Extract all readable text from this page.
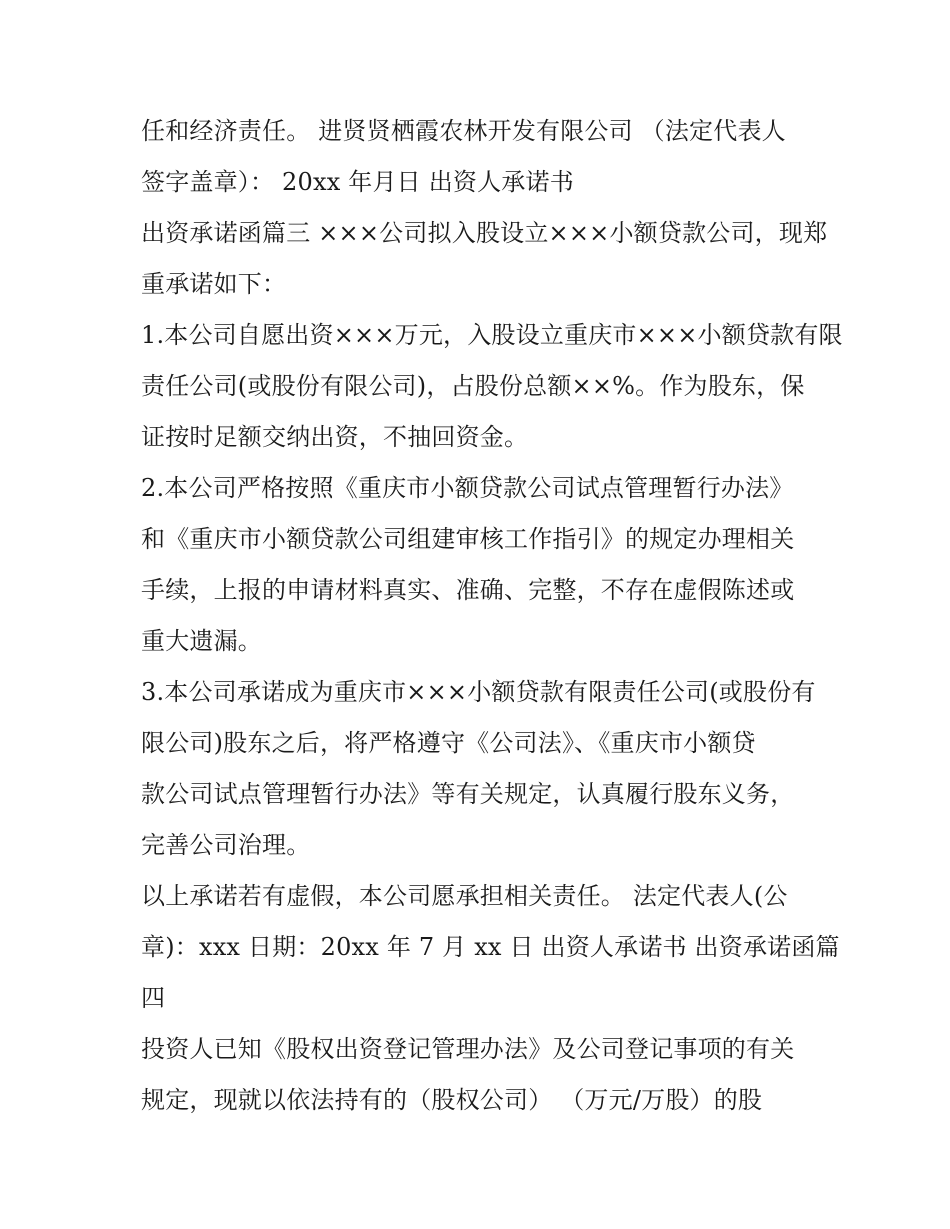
任和经济责任。 进贤贤栖霞农林开发有限公司 （法定代表人

签字盖章）： 20xx 年月日 出资人承诺书

出资承诺函篇三 ×××公司拟入股设立×××小额贷款公司，现郑

重承诺如下：

1.本公司自愿出资×××万元，入股设立重庆市×××小额贷款有限

责任公司(或股份有限公司)，占股份总额××%。作为股东，保

证按时足额交纳出资，不抽回资金。

2.本公司严格按照《重庆市小额贷款公司试点管理暂行办法》

和《重庆市小额贷款公司组建审核工作指引》的规定办理相关

手续，上报的申请材料真实、准确、完整，不存在虚假陈述或

重大遗漏。

3.本公司承诺成为重庆市×××小额贷款有限责任公司(或股份有

限公司)股东之后，将严格遵守《公司法》、《重庆市小额贷

款公司试点管理暂行办法》等有关规定，认真履行股东义务，

完善公司治理。

以上承诺若有虚假，本公司愿承担相关责任。 法定代表人(公

章)：xxx 日期：20xx 年 7 月 xx 日 出资人承诺书 出资承诺函篇

四

投资人已知《股权出资登记管理办法》及公司登记事项的有关

规定，现就以依法持有的（股权公司） （万元/万股）的股
